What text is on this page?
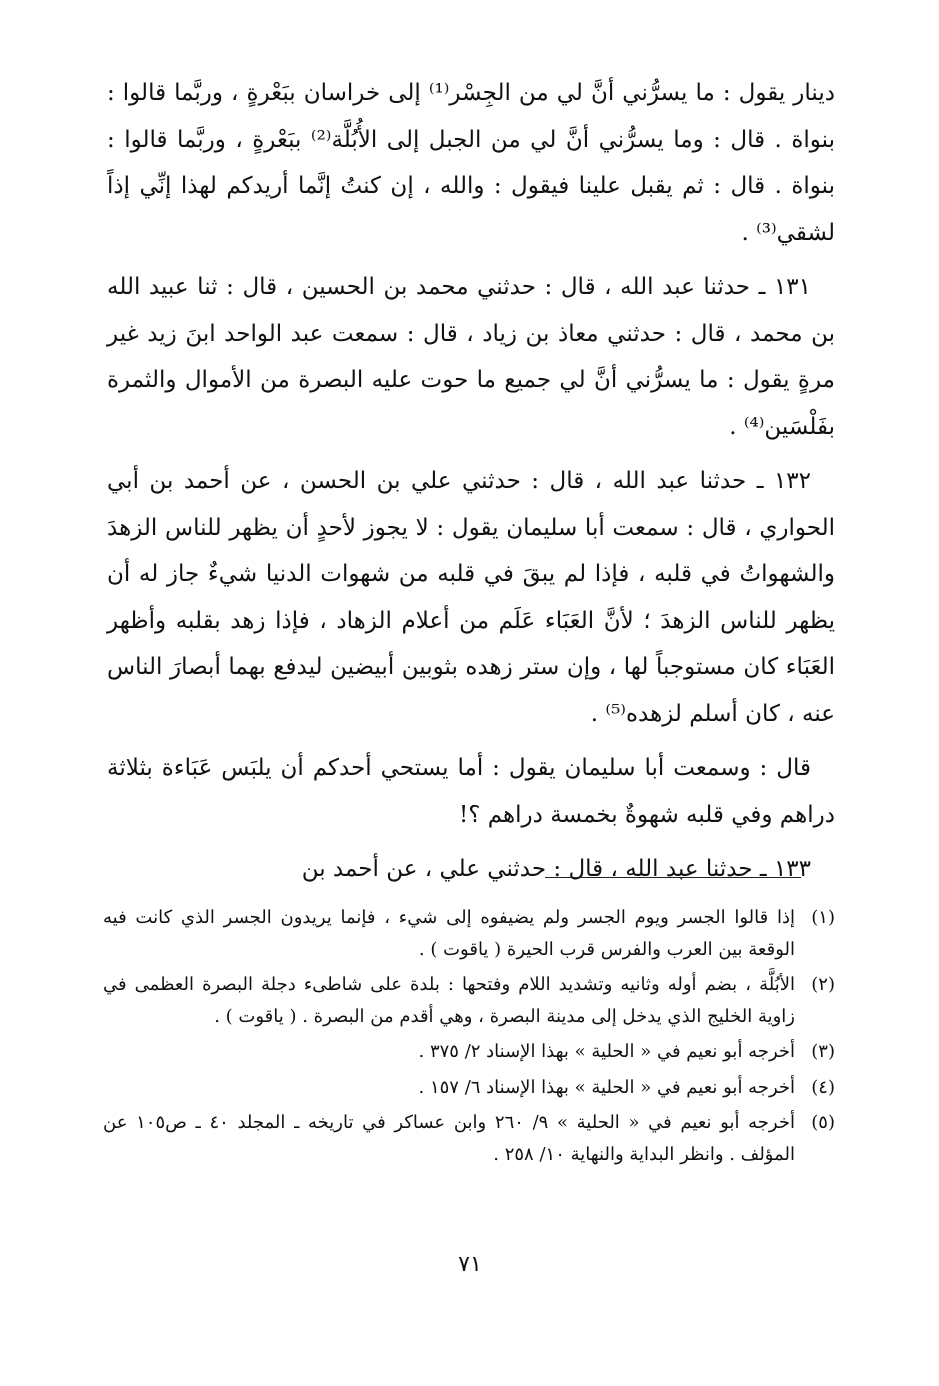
دينار يقول : ما يسرُّني أنَّ لي من الجِسْر⁽¹⁾ إلى خراسان ببَعْرةٍ ، وربَّما قالوا : بنواة . قال : وما يسرُّني أنَّ لي من الجبل إلى الأُبُلَّة⁽²⁾ ببَعْرةٍ ، وربَّما قالوا : بنواة . قال : ثم يقبل علينا فيقول : والله ، إن كنتُ إنَّما أريدكم لهذا إنِّي إذاً لشقي⁽³⁾ .

١٣١ ـ حدثنا عبد الله ، قال : حدثني محمد بن الحسين ، قال : ثنا عبيد الله بن محمد ، قال : حدثني معاذ بن زياد ، قال : سمعت عبد الواحد ابنَ زيد غير مرةٍ يقول : ما يسرُّني أنَّ لي جميع ما حوت عليه البصرة من الأموال والثمرة بفَلْسَين⁽⁴⁾ .

١٣٢ ـ حدثنا عبد الله ، قال : حدثني علي بن الحسن ، عن أحمد بن أبي الحواري ، قال : سمعت أبا سليمان يقول : لا يجوز لأحدٍ أن يظهر للناس الزهدَ والشهواتُ في قلبه ، فإذا لم يبقَ في قلبه من شهوات الدنيا شيءٌ جاز له أن يظهر للناس الزهدَ ؛ لأنَّ العَبَاء عَلَم من أعلام الزهاد ، فإذا زهد بقلبه وأظهر العَبَاء كان مستوجباً لها ، وإن ستر زهده بثوبين أبيضين ليدفع بهما أبصارَ الناس عنه ، كان أسلم لزهده⁽⁵⁾ .

قال : وسمعت أبا سليمان يقول : أما يستحي أحدكم أن يلبَس عَبَاءة بثلاثة دراهم وفي قلبه شهوةٌ بخمسة دراهم ؟!

١٣٣ ـ حدثنا عبد الله ، قال : حدثني علي ، عن أحمد بن

(١)
إذا قالوا الجسر ويوم الجسر ولم يضيفوه إلى شيء ، فإنما يريدون الجسر الذي كانت فيه الوقعة بين العرب والفرس قرب الحيرة ( ياقوت ) .
(٢)
الأبُلَّة ، بضم أوله وثانيه وتشديد اللام وفتحها : بلدة على شاطىء دجلة البصرة العظمى في زاوية الخليج الذي يدخل إلى مدينة البصرة ، وهي أقدم من البصرة . ( ياقوت ) .
(٣)
أخرجه أبو نعيم في « الحلية » بهذا الإسناد ٢/ ٣٧٥ .
(٤)
أخرجه أبو نعيم في « الحلية » بهذا الإسناد ٦/ ١٥٧ .
(٥)
أخرجه أبو نعيم في « الحلية » ٩/ ٢٦٠ وابن عساكر في تاريخه ـ المجلد ٤٠ ـ ص١٠٥ عن المؤلف . وانظر البداية والنهاية ١٠/ ٢٥٨ .
٧١
